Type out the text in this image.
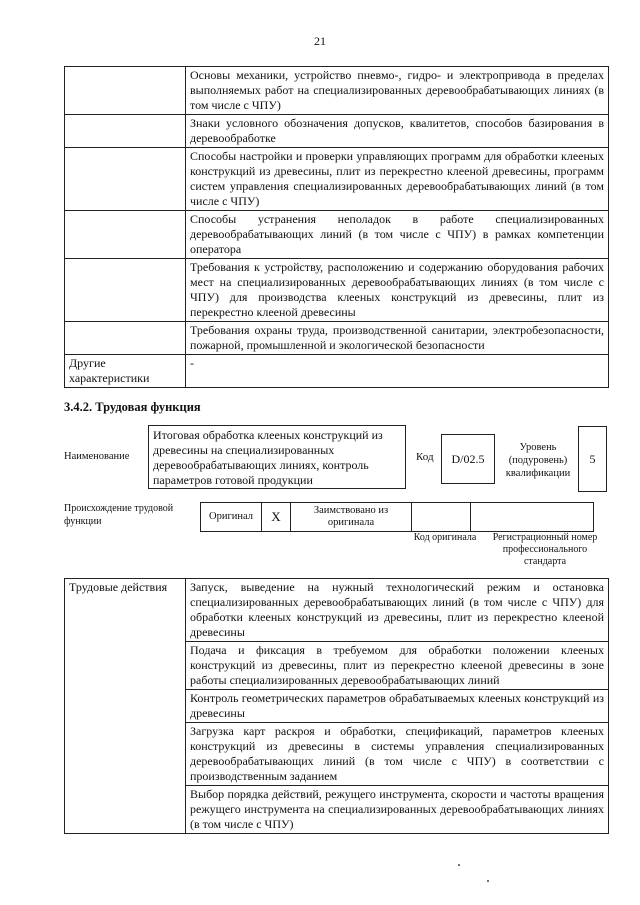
21
	Основы механики, устройство пневмо-, гидро- и электропривода в пределах выполняемых работ на специализированных деревообрабатывающих линиях (в том числе с ЧПУ)
	Знаки условного обозначения допусков, квалитетов, способов базирования в деревообработке
	Способы настройки и проверки управляющих программ для обработки клееных конструкций из древесины, плит из перекрестно клееной древесины, программ систем управления специализированных деревообрабатывающих линий (в том числе с ЧПУ)
	Способы устранения неполадок в работе специализированных деревообрабатывающих линий (в том числе с ЧПУ) в рамках компетенции оператора
	Требования к устройству, расположению и содержанию оборудования рабочих мест на специализированных деревообрабатывающих линиях (в том числе с ЧПУ) для производства клееных конструкций из древесины, плит из перекрестно клееной древесины
	Требования охраны труда, производственной санитарии, электробезопасности, пожарной, промышленной и экологической безопасности
Другие характеристики	-
3.4.2. Трудовая функция
Наименование
Итоговая обработка клееных конструкций из древесины на специализированных деревообрабатывающих линиях, контроль параметров готовой продукции
Код	D/02.5
Уровень (подуровень) квалификации
5
Происхождение трудовой функции	Оригинал	X	Заимствовано из оригинала
Код оригинала	Регистрационный номер профессионального стандарта
Трудовые действия	Запуск, выведение на нужный технологический режим и остановка специализированных деревообрабатывающих линий (в том числе с ЧПУ) для обработки клееных конструкций из древесины, плит из перекрестно клееной древесины
Подача и фиксация в требуемом для обработки положении клееных конструкций из древесины, плит из перекрестно клееной древесины в зоне работы специализированных деревообрабатывающих линий
Контроль геометрических параметров обрабатываемых клееных конструкций из древесины
Загрузка карт раскроя и обработки, спецификаций, параметров клееных конструкций из древесины в системы управления специализированных деревообрабатывающих линий (в том числе с ЧПУ) в соответствии с производственным заданием
Выбор порядка действий, режущего инструмента, скорости и частоты вращения режущего инструмента на специализированных деревообрабатывающих линиях (в том числе с ЧПУ)
